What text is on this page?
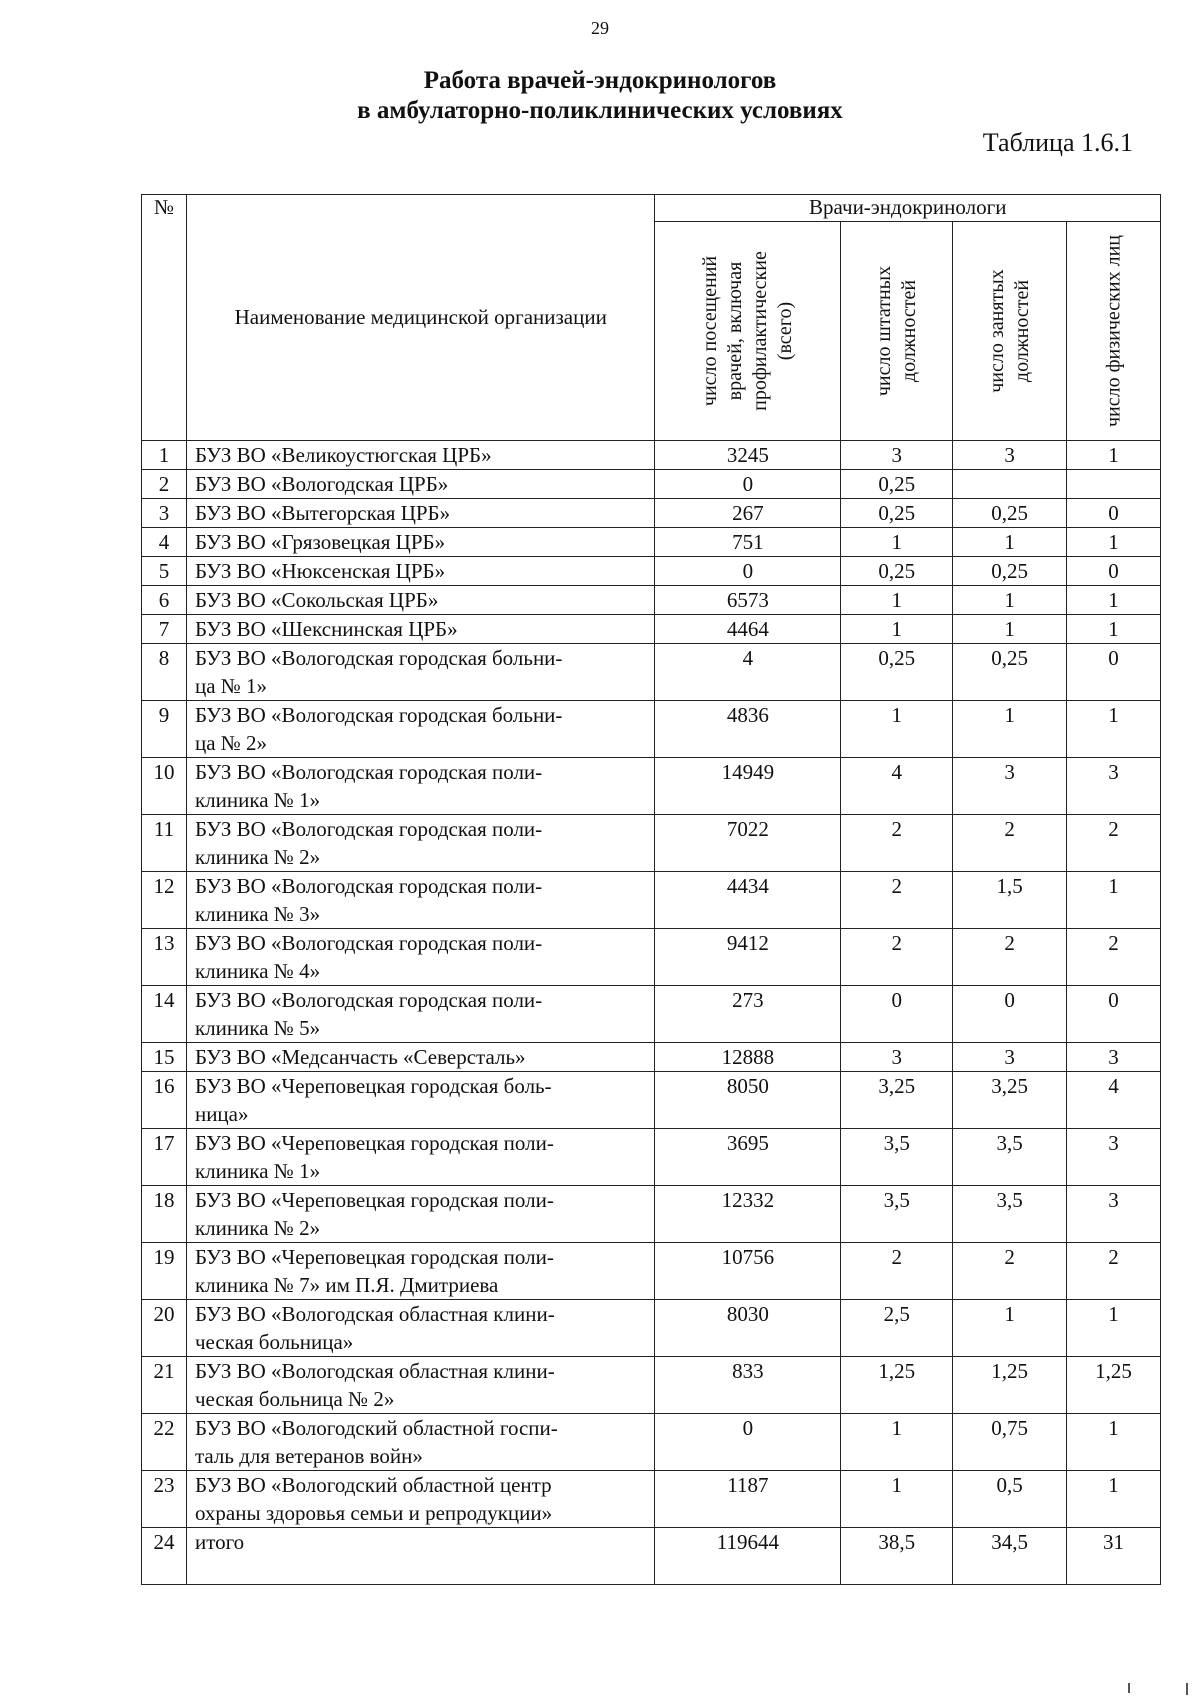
29
Работа врачей-эндокринологов
в амбулаторно-поликлинических условиях
Таблица 1.6.1
№	Наименование медицинской организации	Врачи-эндокринологи			

		число посещений врачей, включая профилактические (всего)	число штатных должностей	число занятых должностей	число физических лиц

1	БУЗ ВО «Великоустюгская ЦРБ»	3245	3	3	1
2	БУЗ ВО «Вологодская ЦРБ»	0	0,25		
3	БУЗ ВО «Вытегорская ЦРБ»	267	0,25	0,25	0
4	БУЗ ВО «Грязовецкая ЦРБ»	751	1	1	1
5	БУЗ ВО «Нюксенская ЦРБ»	0	0,25	0,25	0
6	БУЗ ВО «Сокольская ЦРБ»	6573	1	1	1
7	БУЗ ВО «Шекснинская ЦРБ»	4464	1	1	1
8	БУЗ ВО «Вологодская городская больни-
ца № 1»	4	0,25	0,25	0
9	БУЗ ВО «Вологодская городская больни-
ца № 2»	4836	1	1	1
10	БУЗ ВО «Вологодская городская поли-
клиника № 1»	14949	4	3	3
11	БУЗ ВО «Вологодская городская поли-
клиника № 2»	7022	2	2	2
12	БУЗ ВО «Вологодская городская поли-
клиника № 3»	4434	2	1,5	1
13	БУЗ ВО «Вологодская городская поли-
клиника № 4»	9412	2	2	2
14	БУЗ ВО «Вологодская городская поли-
клиника № 5»	273	0	0	0
15	БУЗ ВО «Медсанчасть «Северсталь»	12888	3	3	3
16	БУЗ ВО «Череповецкая городская боль-
ница»	8050	3,25	3,25	4
17	БУЗ ВО «Череповецкая городская поли-
клиника № 1»	3695	3,5	3,5	3
18	БУЗ ВО «Череповецкая городская поли-
клиника № 2»	12332	3,5	3,5	3
19	БУЗ ВО «Череповецкая городская поли-
клиника № 7» им П.Я. Дмитриева	10756	2	2	2
20	БУЗ ВО «Вологодская областная клини-
ческая больница»	8030	2,5	1	1
21	БУЗ ВО «Вологодская областная клини-
ческая больница № 2»	833	1,25	1,25	1,25
22	БУЗ ВО «Вологодский областной госпи-
таль для ветеранов войн»	0	1	0,75	1
23	БУЗ ВО «Вологодский областной центр
охраны здоровья семьи и репродукции»	1187	1	0,5	1
24	итого	119644	38,5	34,5	31
